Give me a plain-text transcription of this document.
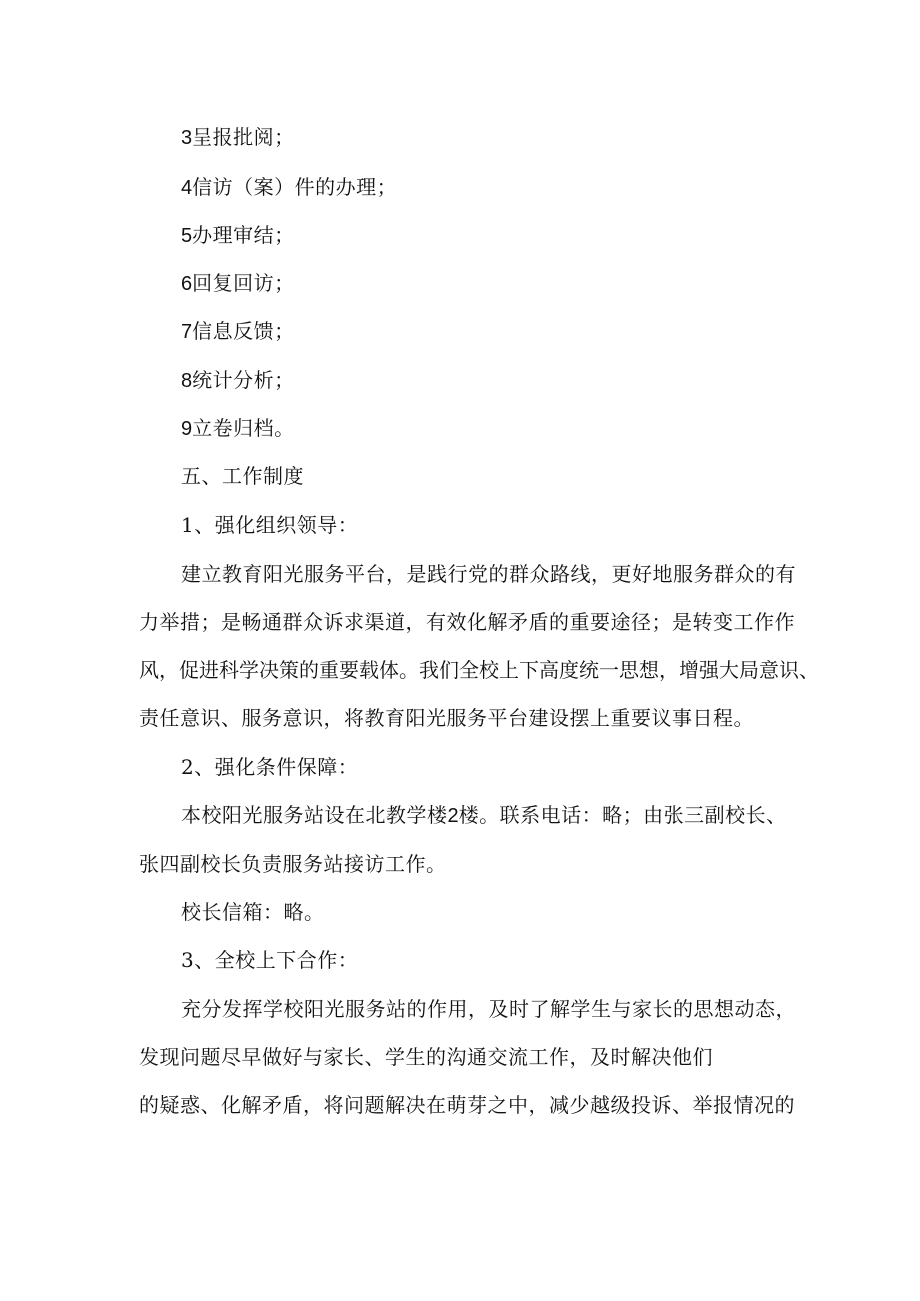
3呈报批阅；
4信访（案）件的办理；
5办理审结；
6回复回访；
7信息反馈；
8统计分析；
9立卷归档。
五、工作制度
1、强化组织领导：
建立教育阳光服务平台，是践行党的群众路线，更好地服务群众的有
力举措；是畅通群众诉求渠道，有效化解矛盾的重要途径；是转变工作作
风，促进科学决策的重要载体。我们全校上下高度统一思想，增强大局意识、
责任意识、服务意识，将教育阳光服务平台建设摆上重要议事日程。
2、强化条件保障：
本校阳光服务站设在北教学楼2楼。联系电话：略；由张三副校长、
张四副校长负责服务站接访工作。
校长信箱：略。
3、全校上下合作：
充分发挥学校阳光服务站的作用，及时了解学生与家长的思想动态，
发现问题尽早做好与家长、学生的沟通交流工作，及时解决他们
的疑惑、化解矛盾，将问题解决在萌芽之中，减少越级投诉、举报情况的
